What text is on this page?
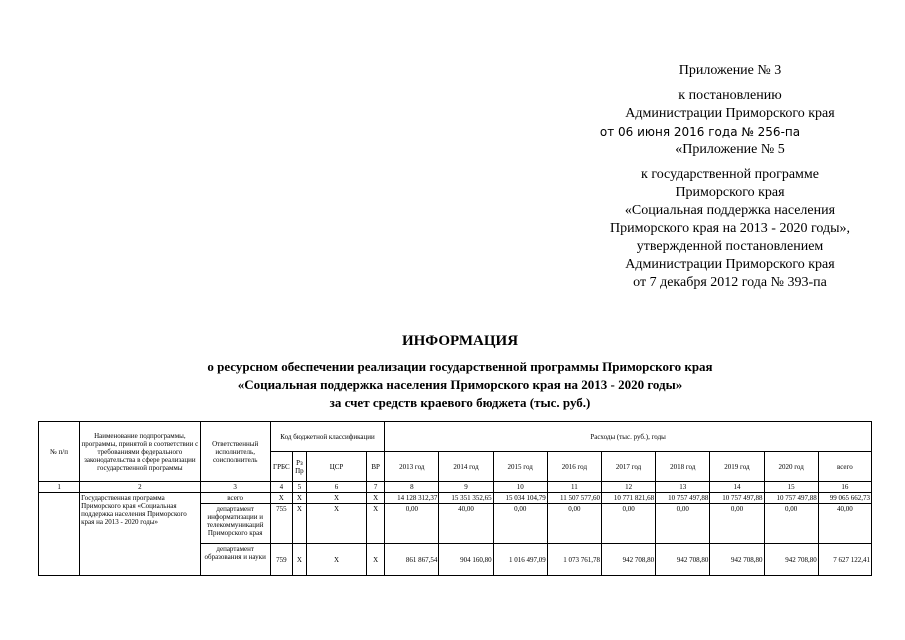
Приложение № 3
к постановлению
Администрации Приморского края
от 06 июня 2016 года № 256-па
«Приложение № 5
к государственной программе
Приморского края
«Социальная поддержка населения
Приморского края на 2013 - 2020 годы»,
утвержденной постановлением
Администрации Приморского края
от 7 декабря 2012 года № 393-па
ИНФОРМАЦИЯ
о ресурсном обеспечении реализации государственной программы Приморского края
«Социальная поддержка населения Приморского края на 2013 - 2020 годы»
за счет средств краевого бюджета (тыс. руб.)
№ п/п	Наименование подпрограммы, программы, принятой в соответствии с требованиями федерального законодательства в сфере реализации государственной программы	Ответственный исполнитель, соисполнитель	Код бюджетной классификации				Расходы (тыс. руб.), годы								
			ГРБС	Рз Пр	ЦСР	ВР	2013 год	2014 год	2015 год	2016 год	2017 год	2018 год	2019 год	2020 год	всего
1	2	3	4	5	6	7	8	9	10	11	12	13	14	15	16
	Государственная программа Приморского края «Социальная поддержка населения Приморского края на 2013 - 2020 годы»	всего	Х	Х	Х	Х	14 128 312,37	15 351 352,65	15 034 104,79	11 507 577,60	10 771 821,68	10 757 497,88	10 757 497,88	10 757 497,88	99 065 662,73
		департамент информатизации и телекоммуникаций Приморского края	755	Х	Х	Х	0,00	40,00	0,00	0,00	0,00	0,00	0,00	0,00	40,00
		департамент образования и науки	759	Х	Х	Х	861 867,54	904 160,80	1 016 497,09	1 073 761,78	942 708,80	942 708,80	942 708,80	942 708,80	7 627 122,41
